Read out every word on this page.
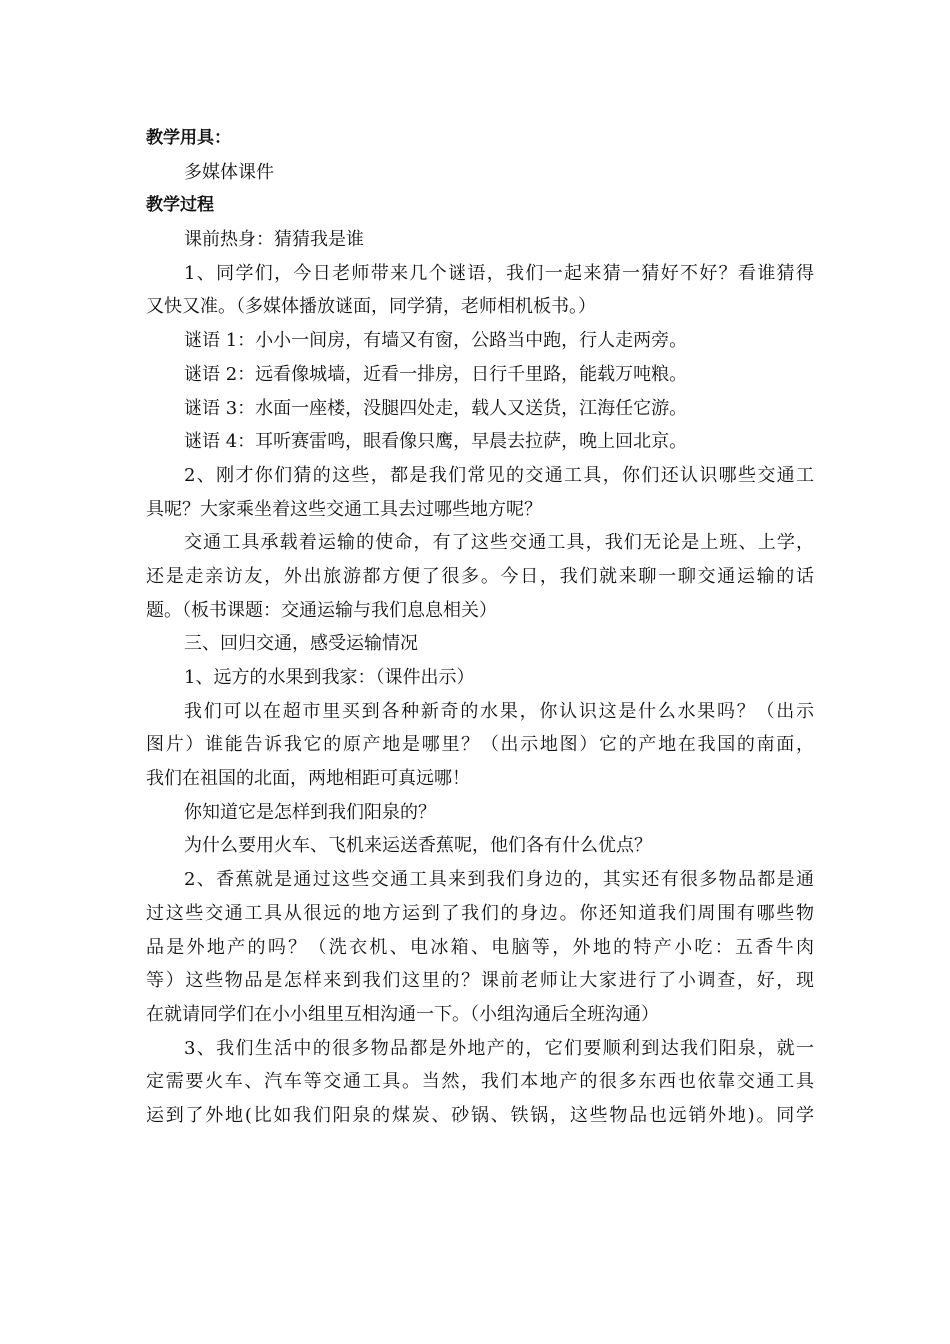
教学用具：
多媒体课件
教学过程
课前热身：猜猜我是谁
1、同学们，今日老师带来几个谜语，我们一起来猜一猜好不好？看谁猜得
又快又准。（多媒体播放谜面，同学猜，老师相机板书。）
谜语 1：小小一间房，有墙又有窗，公路当中跑，行人走两旁。
谜语 2：远看像城墙，近看一排房，日行千里路，能载万吨粮。
谜语 3：水面一座楼，没腿四处走，载人又送货，江海任它游。
谜语 4：耳听赛雷鸣，眼看像只鹰，早晨去拉萨，晚上回北京。
2、刚才你们猜的这些，都是我们常见的交通工具，你们还认识哪些交通工
具呢？大家乘坐着这些交通工具去过哪些地方呢？
交通工具承载着运输的使命，有了这些交通工具，我们无论是上班、上学，
还是走亲访友，外出旅游都方便了很多。今日，我们就来聊一聊交通运输的话
题。（板书课题：交通运输与我们息息相关）
三、回归交通，感受运输情况
1、远方的水果到我家：（课件出示）
我们可以在超市里买到各种新奇的水果，你认识这是什么水果吗？（出示
图片）谁能告诉我它的原产地是哪里？（出示地图）它的产地在我国的南面，
我们在祖国的北面，两地相距可真远哪！
你知道它是怎样到我们阳泉的？
为什么要用火车、飞机来运送香蕉呢，他们各有什么优点？
2、香蕉就是通过这些交通工具来到我们身边的，其实还有很多物品都是通
过这些交通工具从很远的地方运到了我们的身边。你还知道我们周围有哪些物
品是外地产的吗？（洗衣机、电冰箱、电脑等，外地的特产小吃：五香牛肉
等）这些物品是怎样来到我们这里的？课前老师让大家进行了小调查，好，现
在就请同学们在小小组里互相沟通一下。（小组沟通后全班沟通）
3、我们生活中的很多物品都是外地产的，它们要顺利到达我们阳泉，就一
定需要火车、汽车等交通工具。当然，我们本地产的很多东西也依靠交通工具
运到了外地(比如我们阳泉的煤炭、砂锅、铁锅，这些物品也远销外地)。同学
